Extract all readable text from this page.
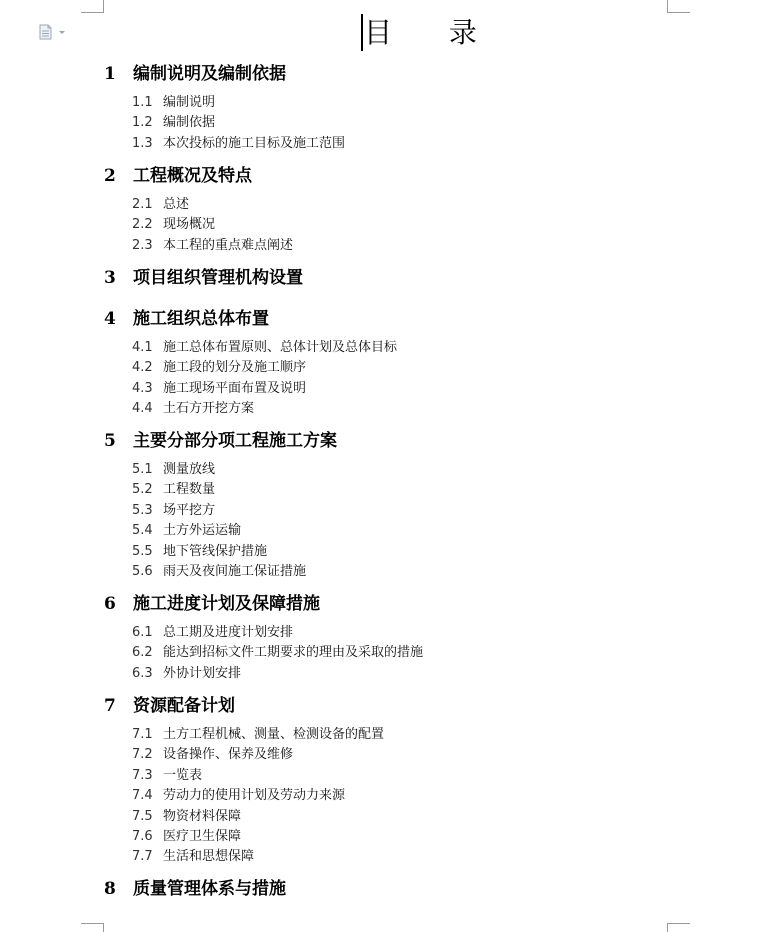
目 录
1 编制说明及编制依据
1.1 编制说明
1.2 编制依据
1.3 本次投标的施工目标及施工范围
2 工程概况及特点
2.1 总述
2.2 现场概况
2.3 本工程的重点难点阐述
3 项目组织管理机构设置
4 施工组织总体布置
4.1 施工总体布置原则、总体计划及总体目标
4.2 施工段的划分及施工顺序
4.3 施工现场平面布置及说明
4.4 土石方开挖方案
5 主要分部分项工程施工方案
5.1 测量放线
5.2 工程数量
5.3 场平挖方
5.4 土方外运运输
5.5 地下管线保护措施
5.6 雨天及夜间施工保证措施
6 施工进度计划及保障措施
6.1 总工期及进度计划安排
6.2 能达到招标文件工期要求的理由及采取的措施
6.3 外协计划安排
7 资源配备计划
7.1 土方工程机械、测量、检测设备的配置
7.2 设备操作、保养及维修
7.3 一览表
7.4 劳动力的使用计划及劳动力来源
7.5 物资材料保障
7.6 医疗卫生保障
7.7 生活和思想保障
8 质量管理体系与措施
